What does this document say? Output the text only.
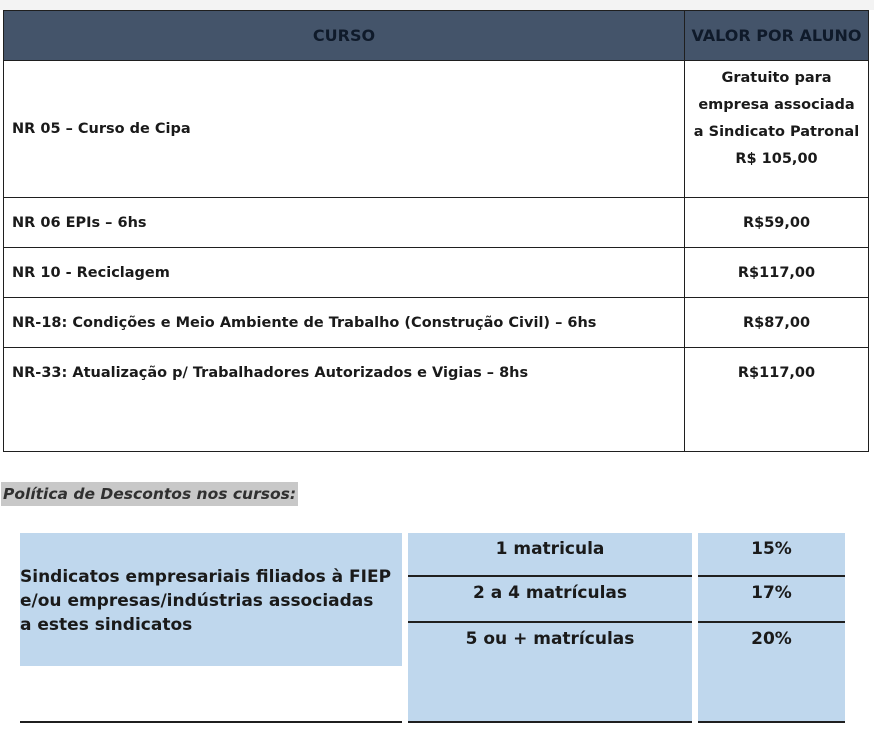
CURSO	VALOR POR ALUNO
NR 05 – Curso de Cipa	Gratuito para
empresa associada
a Sindicato Patronal
R$ 105,00

NR 06 EPIs – 6hs	R$59,00
NR 10 - Reciclagem	R$117,00
NR-18: Condições e Meio Ambiente de Trabalho (Construção Civil) – 6hs	R$87,00
NR-33: Atualização p/ Trabalhadores Autorizados e Vigias – 8hs	R$117,00
Política de Descontos nos cursos:
Sindicatos empresariais filiados à FIEP
e/ou empresas/indústrias associadas
a estes sindicatos
1 matricula	15%
2 a 4 matrículas	17%
5 ou + matrículas	20%
